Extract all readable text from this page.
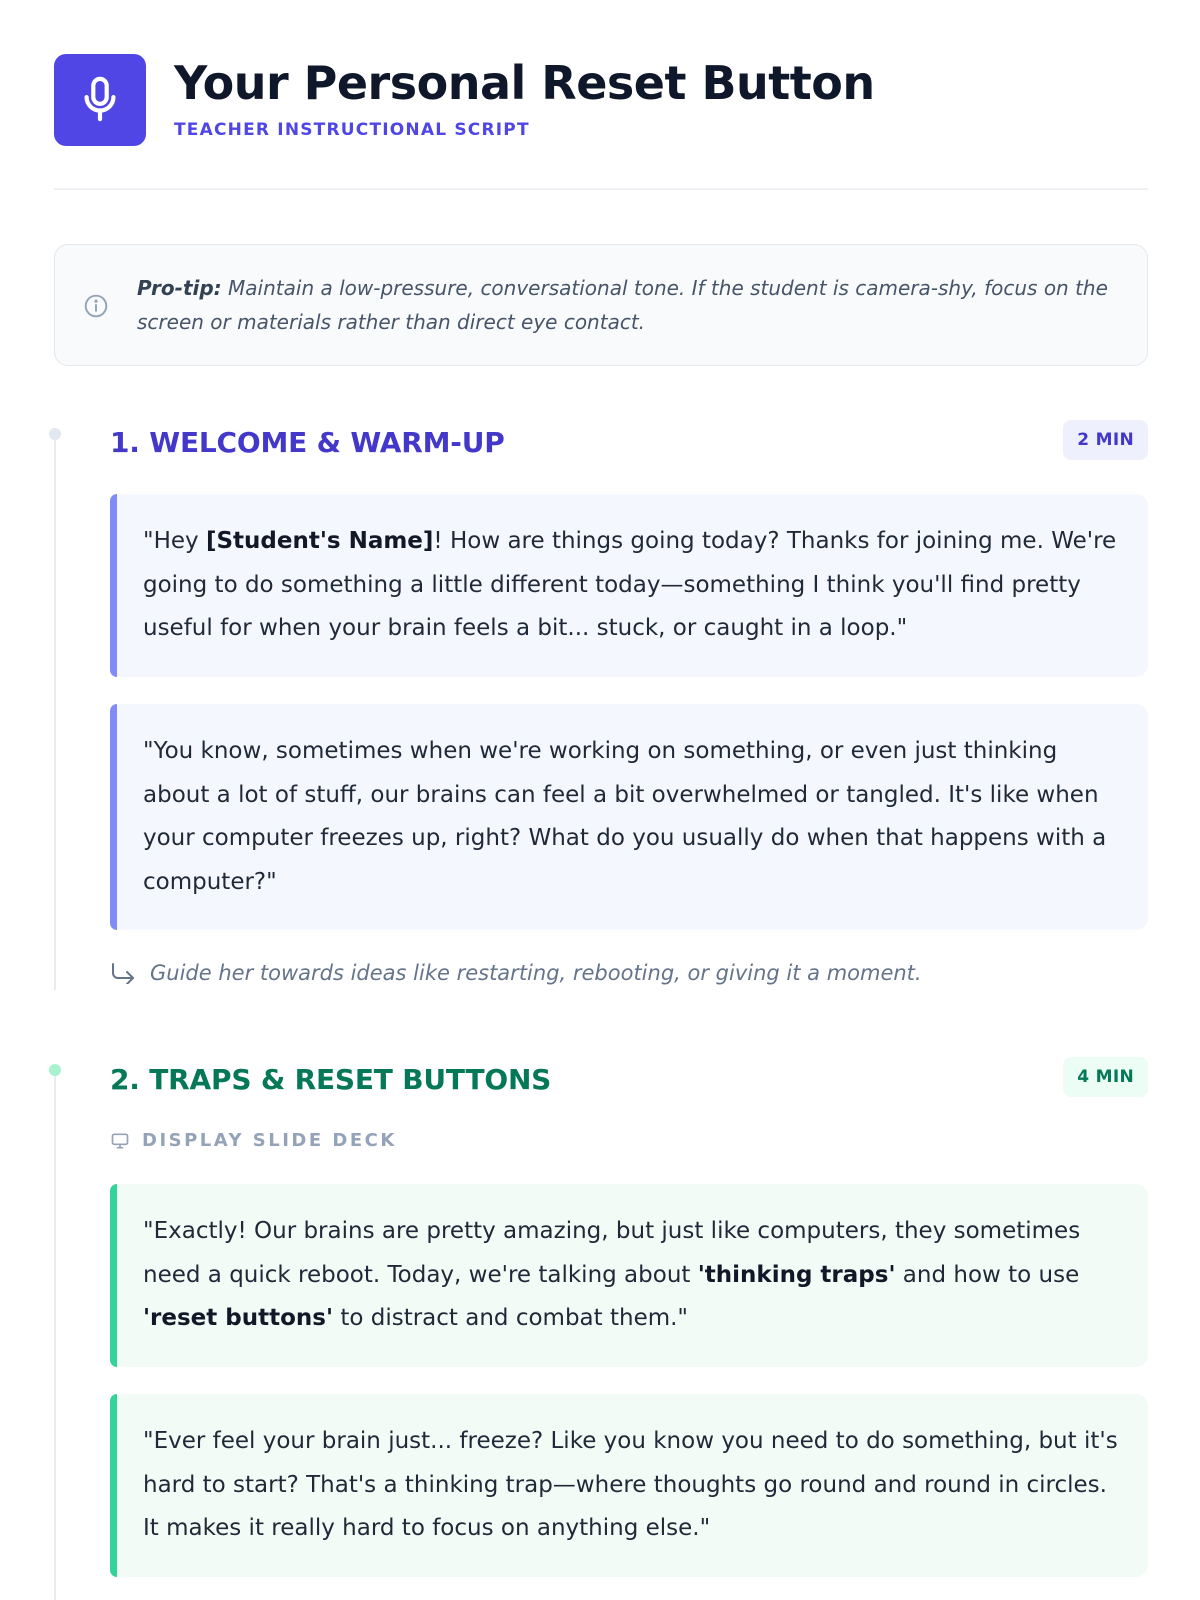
Your Personal Reset Button
TEACHER INSTRUCTIONAL SCRIPT
Pro-tip: Maintain a low-pressure, conversational tone. If the student is camera-shy, focus on the screen or materials rather than direct eye contact.
1. WELCOME & WARM-UP	2 MIN
"Hey [Student's Name]! How are things going today? Thanks for joining me. We're going to do something a little different today—something I think you'll find pretty useful for when your brain feels a bit... stuck, or caught in a loop."
"You know, sometimes when we're working on something, or even just thinking about a lot of stuff, our brains can feel a bit overwhelmed or tangled. It's like when your computer freezes up, right? What do you usually do when that happens with a computer?"
Guide her towards ideas like restarting, rebooting, or giving it a moment.
2. TRAPS & RESET BUTTONS	4 MIN
DISPLAY SLIDE DECK
"Exactly! Our brains are pretty amazing, but just like computers, they sometimes need a quick reboot. Today, we're talking about 'thinking traps' and how to use 'reset buttons' to distract and combat them."
"Ever feel your brain just... freeze? Like you know you need to do something, but it's hard to start? That's a thinking trap—where thoughts go round and round in circles. It makes it really hard to focus on anything else."
